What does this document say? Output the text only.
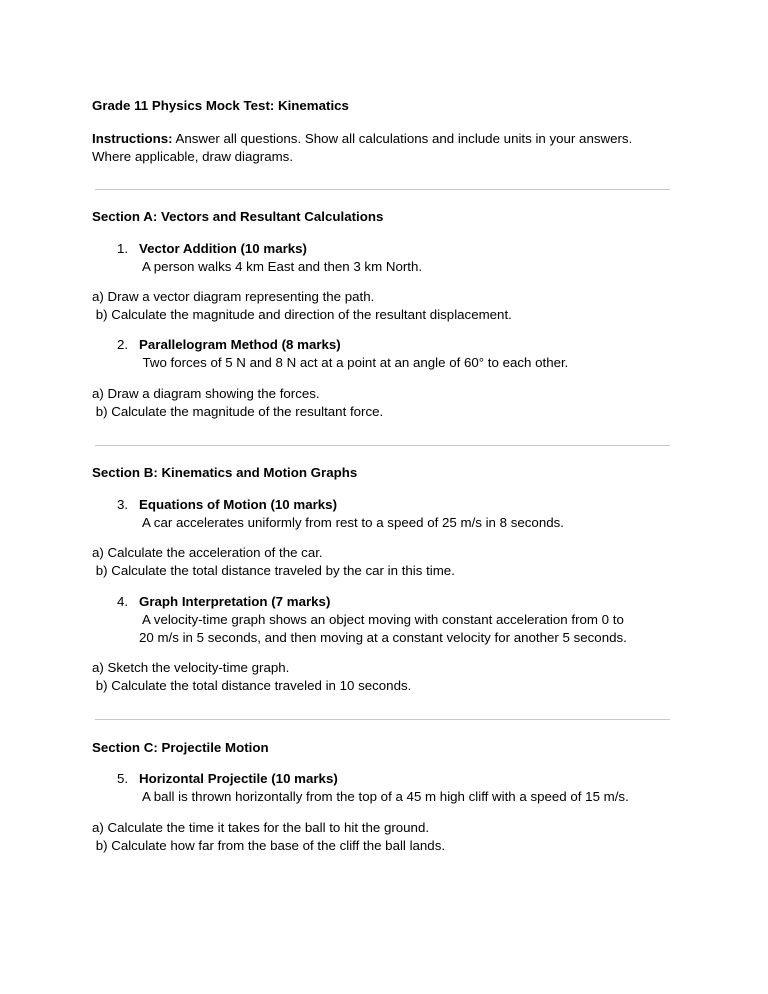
Grade 11 Physics Mock Test: Kinematics
Instructions: Answer all questions. Show all calculations and include units in your answers.
Where applicable, draw diagrams.
Section A: Vectors and Resultant Calculations
1. Vector Addition (10 marks)
A person walks 4 km East and then 3 km North.
a) Draw a vector diagram representing the path.
b) Calculate the magnitude and direction of the resultant displacement.
2. Parallelogram Method (8 marks)
Two forces of 5 N and 8 N act at a point at an angle of 60° to each other.
a) Draw a diagram showing the forces.
b) Calculate the magnitude of the resultant force.
Section B: Kinematics and Motion Graphs
3. Equations of Motion (10 marks)
A car accelerates uniformly from rest to a speed of 25 m/s in 8 seconds.
a) Calculate the acceleration of the car.
b) Calculate the total distance traveled by the car in this time.
4. Graph Interpretation (7 marks)
A velocity-time graph shows an object moving with constant acceleration from 0 to
20 m/s in 5 seconds, and then moving at a constant velocity for another 5 seconds.
a) Sketch the velocity-time graph.
b) Calculate the total distance traveled in 10 seconds.
Section C: Projectile Motion
5. Horizontal Projectile (10 marks)
A ball is thrown horizontally from the top of a 45 m high cliff with a speed of 15 m/s.
a) Calculate the time it takes for the ball to hit the ground.
b) Calculate how far from the base of the cliff the ball lands.
